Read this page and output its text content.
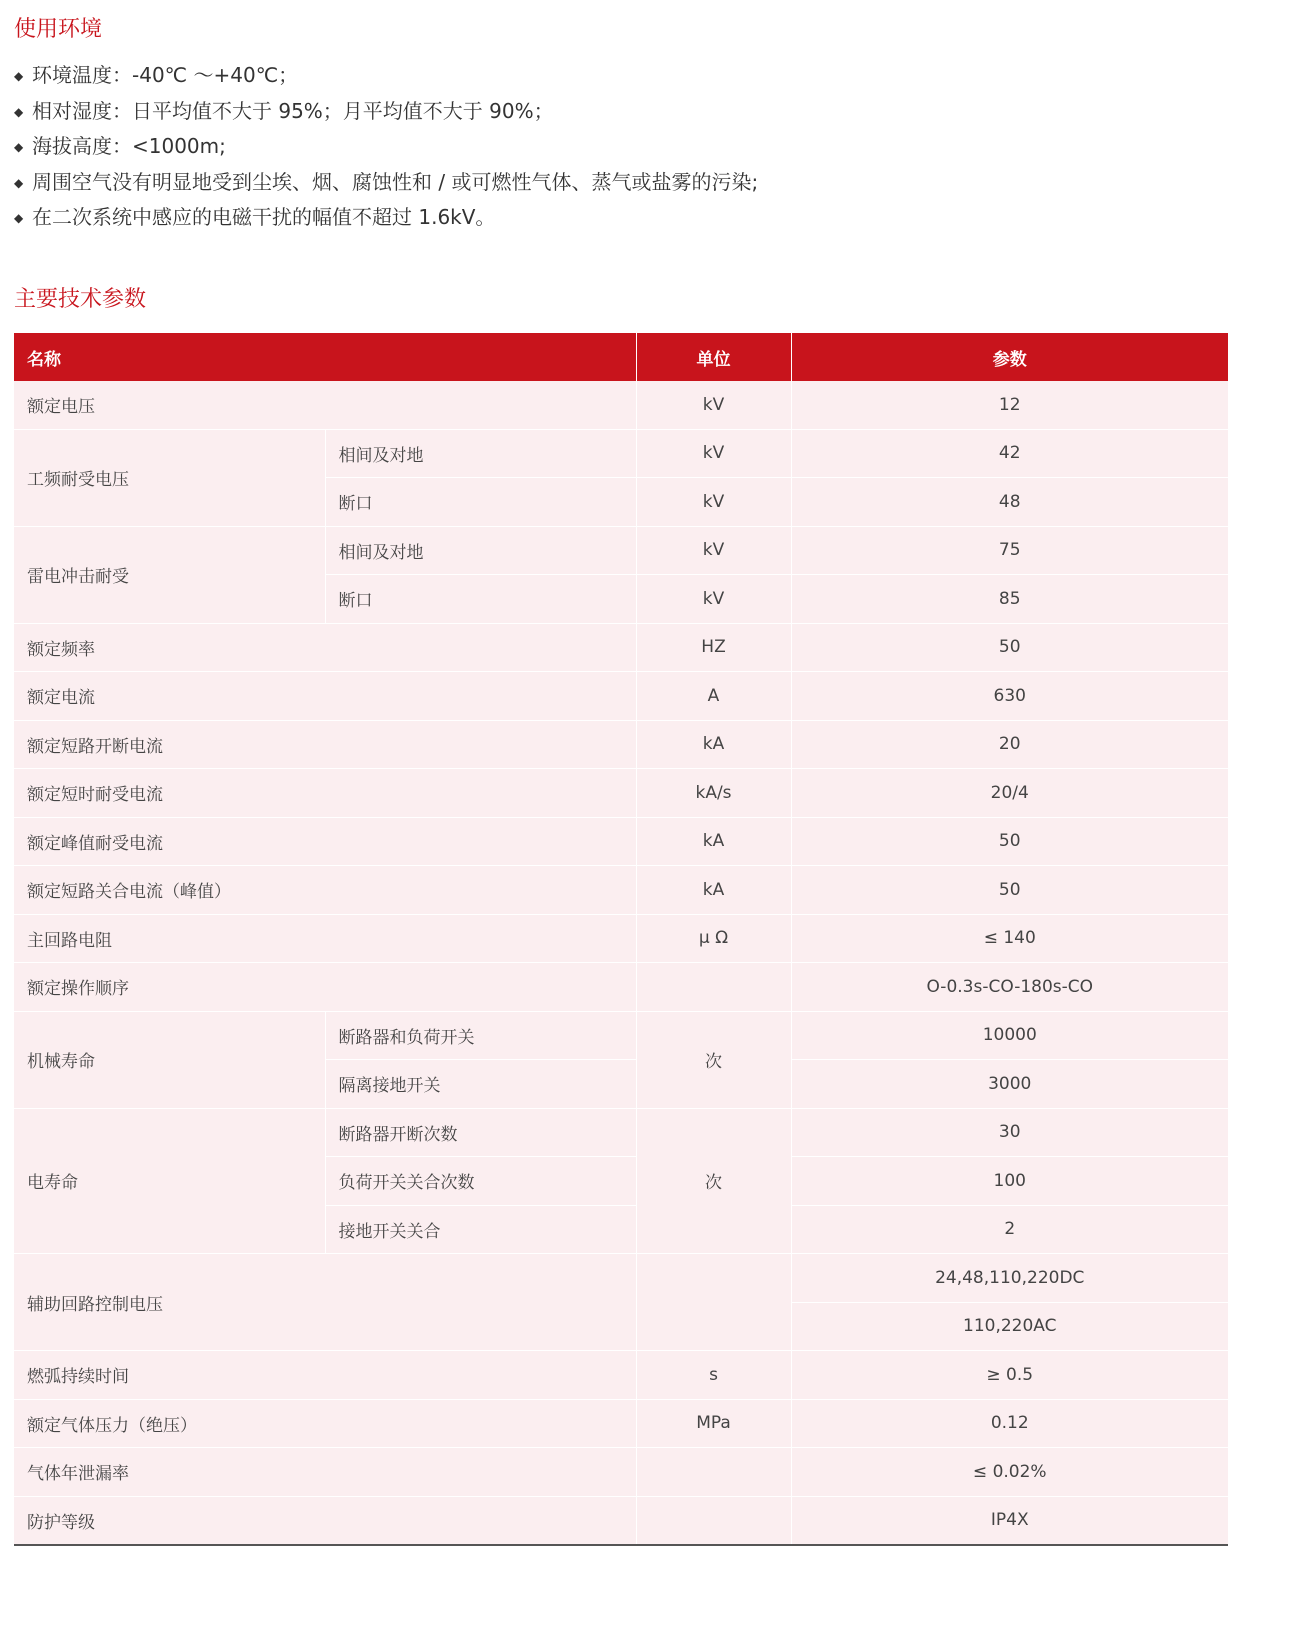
使用环境
◆ 环境温度：-40℃ ～+40℃；
◆ 相对湿度：日平均值不大于 95%；月平均值不大于 90%；
◆ 海拔高度：<1000m;
◆ 周围空气没有明显地受到尘埃、烟、腐蚀性和 / 或可燃性气体、蒸气或盐雾的污染;
◆ 在二次系统中感应的电磁干扰的幅值不超过 1.6kV。
主要技术参数
名称		单位	参数
额定电压		kV	12
工频耐受电压	相间及对地	kV	42
	断口	kV	48
雷电冲击耐受	相间及对地	kV	75
	断口	kV	85
额定频率		HZ	50
额定电流		A	630
额定短路开断电流		kA	20
额定短时耐受电流		kA/s	20/4
额定峰值耐受电流		kA	50
额定短路关合电流（峰值）		kA	50
主回路电阻		μ Ω	≤ 140
额定操作顺序			O-0.3s-CO-180s-CO
机械寿命	断路器和负荷开关	次	10000
	隔离接地开关		3000
电寿命	断路器开断次数	次	30
	负荷开关关合次数		100
	接地开关关合		2
辅助回路控制电压			24,48,110,220DC
			110,220AC
燃弧持续时间		s	≥ 0.5
额定气体压力（绝压）		MPa	0.12
气体年泄漏率			≤ 0.02%
防护等级			IP4X
